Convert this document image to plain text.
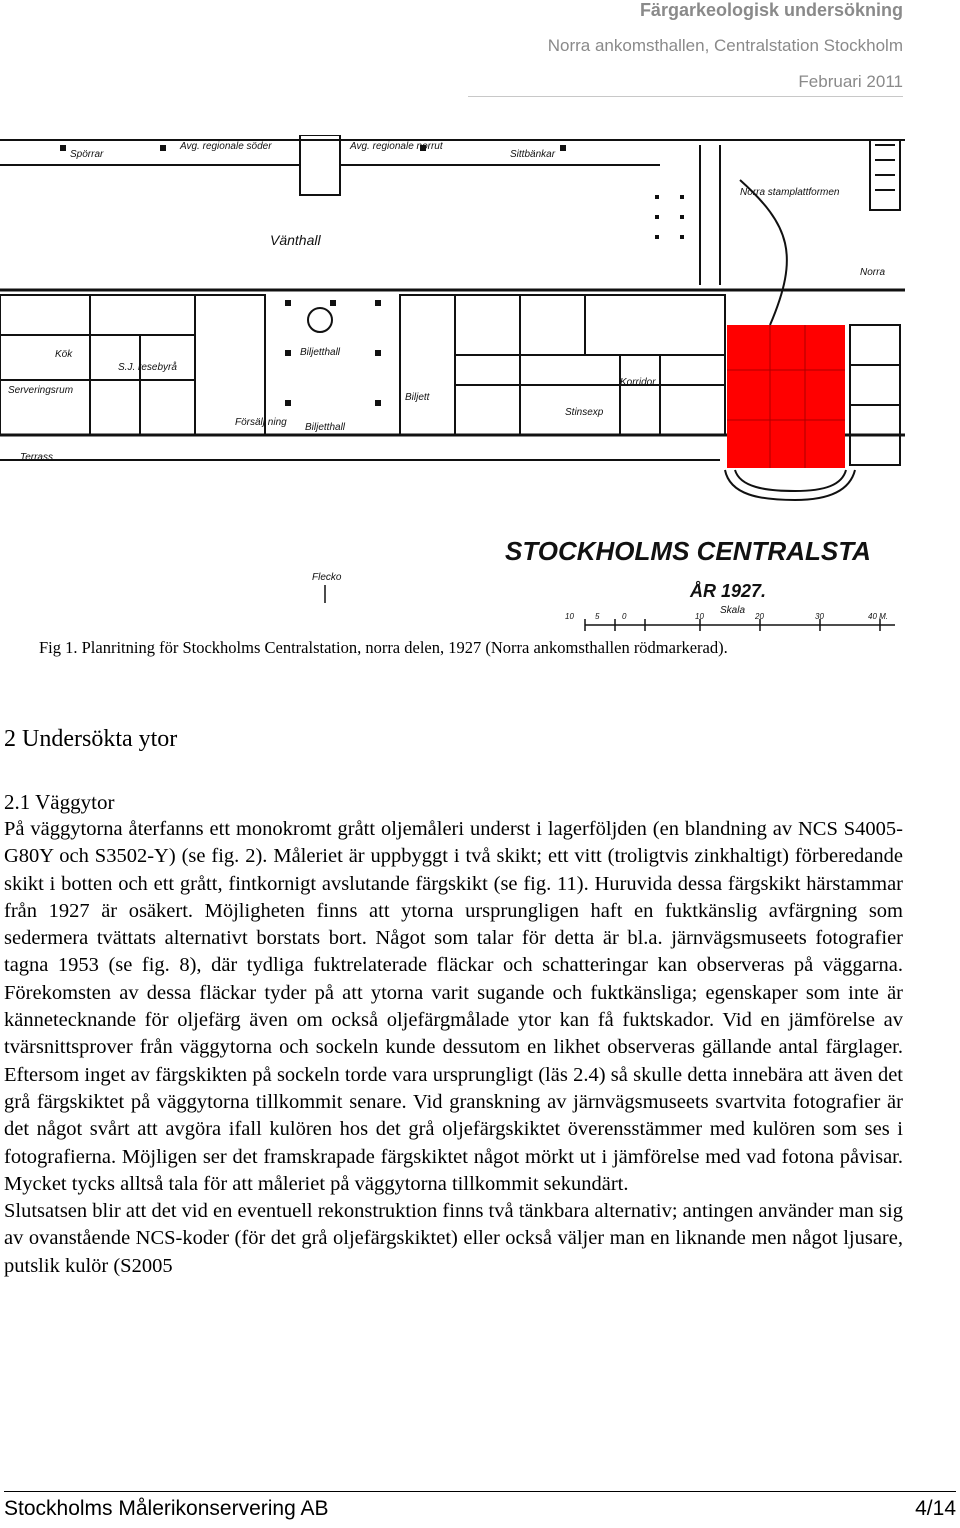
Färgarkeologisk undersökning
Norra ankomsthallen, Centralstation Stockholm
Februari 2011
Spörrar
Avg. regionale söder	Avg. regionale norrut
Sittbänkar
Norra stamplattformen
Vänthall
Biljetthall
Biljetthall
Kök
S.J. resebyrå
Serveringsrum
Terrass
Biljett
Försälj ning
Korridor
Stinsexp
Norra
STOCKHOLMS CENTRALSTA
ÅR 1927.
Skala
Flecko
10	5	0	10	20	30	40 M.
Fig 1. Planritning för Stockholms Centralstation, norra delen, 1927 (Norra ankomsthallen rödmarkerad).
2 Undersökta ytor
2.1 Väggytor

På väggytorna återfanns ett monokromt grått oljemåleri underst i lagerföljden (en blandning av NCS S4005-G80Y och S3502-Y) (se fig. 2). Måleriet är uppbyggt i två skikt; ett vitt (troligtvis zinkhaltigt) förberedande skikt i botten och ett grått, fintkornigt avslutande färgskikt (se fig. 11). Huruvida dessa färgskikt härstammar från 1927 är osäkert. Möjligheten finns att ytorna ursprungligen haft en fuktkänslig avfärgning som sedermera tvättats alternativt borstats bort. Något som talar för detta är bl.a. järnvägsmuseets fotografier tagna 1953 (se fig. 8), där tydliga fuktrelaterade fläckar och schatteringar kan observeras på väggarna. Förekomsten av dessa fläckar tyder på att ytorna varit sugande och fuktkänsliga; egenskaper som inte är kännetecknande för oljefärg även om också oljefärgmålade ytor kan få fuktskador. Vid en jämförelse av tvärsnittsprover från väggytorna och sockeln kunde dessutom en likhet observeras gällande antal färglager. Eftersom inget av färgskikten på sockeln torde vara ursprungligt (läs 2.4) så skulle detta innebära att även det grå färgskiktet på väggytorna tillkommit senare. Vid granskning av järnvägsmuseets svartvita fotografier är det något svårt att avgöra ifall kulören hos det grå oljefärgskiktet överensstämmer med kulören som ses i fotografierna. Möjligen ser det framskrapade färgskiktet något mörkt ut i jämförelse med vad fotona påvisar. Mycket tycks alltså tala för att måleriet på väggytorna tillkommit sekundärt.

Slutsatsen blir att det vid en eventuell rekonstruktion finns två tänkbara alternativ; antingen använder man sig av ovanstående NCS-koder (för det grå oljefärgskiktet) eller också väljer man en liknande men något ljusare, putslik kulör (S2005

Stockholms Målerikonservering AB	4/14
